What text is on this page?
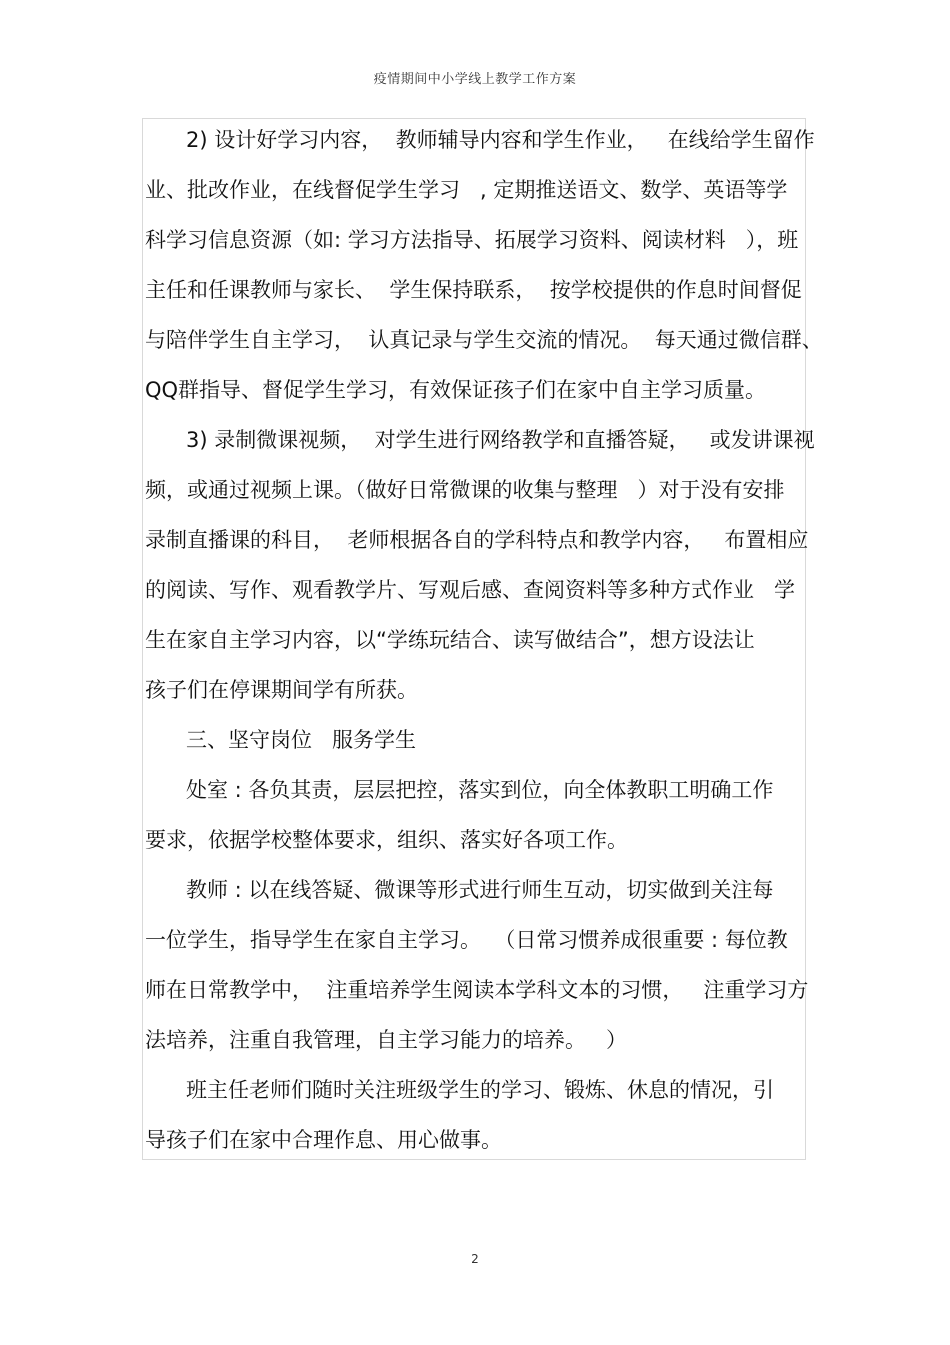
疫情期间中小学线上教学工作方案
2) 设计好学习内容，  教师辅导内容和学生作业，   在线给学生留作
业、批改作业，在线督促学生学习   , 定期推送语文、数学、英语等学
科学习信息资源（如: 学习方法指导、拓展学习资料、阅读材料   ），班
主任和任课教师与家长、  学生保持联系，  按学校提供的作息时间督促
与陪伴学生自主学习，  认真记录与学生交流的情况。  每天通过微信群、
QQ群指导、督促学生学习，有效保证孩子们在家中自主学习质量。
3) 录制微课视频，  对学生进行网络教学和直播答疑，   或发讲课视
频，或通过视频上课。（做好日常微课的收集与整理   ）对于没有安排
录制直播课的科目，  老师根据各自的学科特点和教学内容，   布置相应
的阅读、写作、观看教学片、写观后感、查阅资料等多种方式作业   学
生在家自主学习内容，以“学练玩结合、读写做结合”，想方设法让
孩子们在停课期间学有所获。
三、坚守岗位   服务学生
处室 : 各负其责，层层把控，落实到位，向全体教职工明确工作
要求，依据学校整体要求，组织、落实好各项工作。
教师 : 以在线答疑、微课等形式进行师生互动，切实做到关注每
一位学生，指导学生在家自主学习。  （日常习惯养成很重要 : 每位教
师在日常教学中，  注重培养学生阅读本学科文本的习惯，   注重学习方
法培养，注重自我管理，自主学习能力的培养。   ）
班主任老师们随时关注班级学生的学习、锻炼、休息的情况，引
导孩子们在家中合理作息、用心做事。
2
